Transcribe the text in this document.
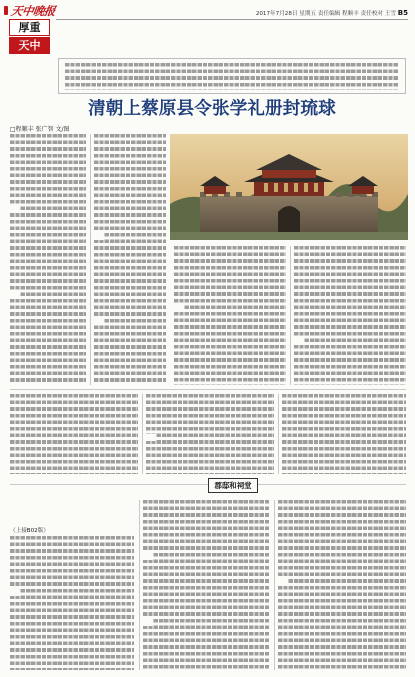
天中晚报
厚重
天中
2017年7月28日 星期五 责任编辑 程顺丰 责任校对 王雪 B5
清朝上蔡原县令张学礼册封琉球
□程顺丰 张广智 文/图
郡邸和祠堂
（上接B02版）
